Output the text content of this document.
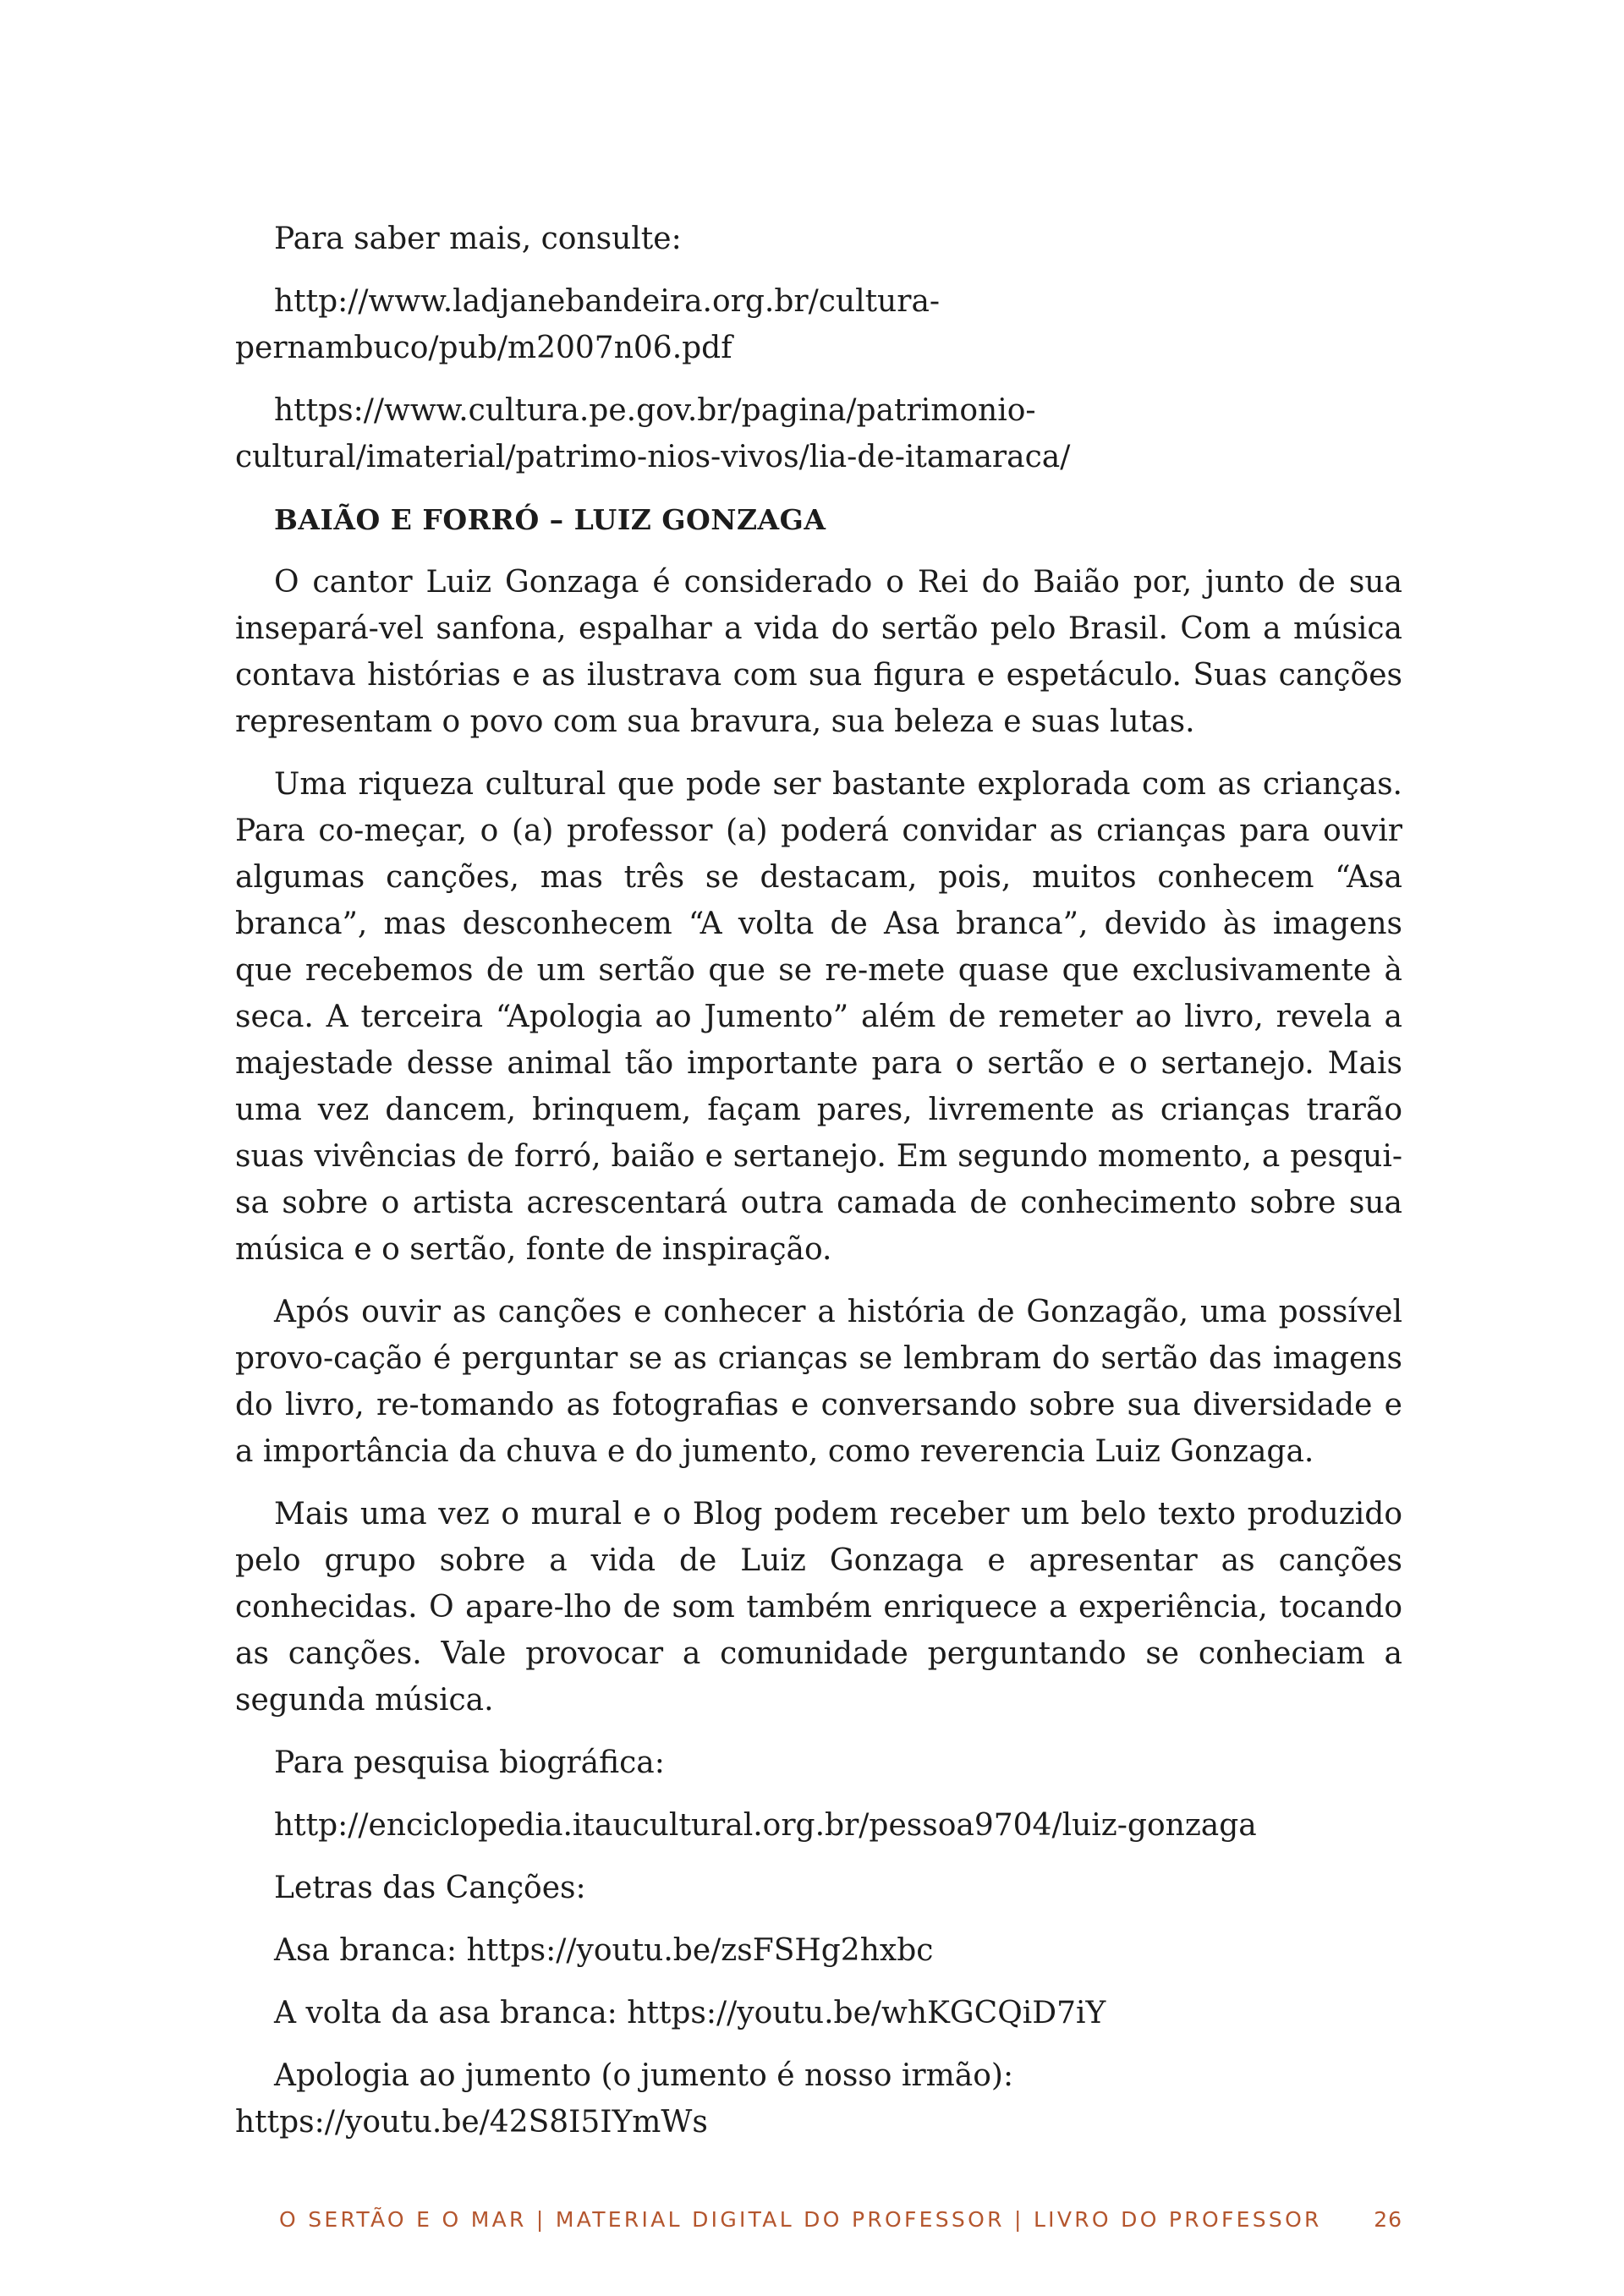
Para saber mais, consulte:

http://www.ladjanebandeira.org.br/cultura-pernambuco/pub/m2007n06.pdf

https://www.cultura.pe.gov.br/pagina/patrimonio-cultural/imaterial/patrimo-nios-vivos/lia-de-itamaraca/

BAIÃO E FORRÓ – LUIZ GONZAGA

O cantor Luiz Gonzaga é considerado o Rei do Baião por, junto de sua insepará-vel sanfona, espalhar a vida do sertão pelo Brasil. Com a música contava histórias e as ilustrava com sua figura e espetáculo. Suas canções representam o povo com sua bravura, sua beleza e suas lutas.

Uma riqueza cultural que pode ser bastante explorada com as crianças. Para co-meçar, o (a) professor (a) poderá convidar as crianças para ouvir algumas canções, mas três se destacam, pois, muitos conhecem “Asa branca”, mas desconhecem “A volta de Asa branca”, devido às imagens que recebemos de um sertão que se re-mete quase que exclusivamente à seca. A terceira “Apologia ao Jumento” além de remeter ao livro, revela a majestade desse animal tão importante para o sertão e o sertanejo. Mais uma vez dancem, brinquem, façam pares, livremente as crianças trarão suas vivências de forró, baião e sertanejo. Em segundo momento, a pesqui-sa sobre o artista acrescentará outra camada de conhecimento sobre sua música e o sertão, fonte de inspiração.

Após ouvir as canções e conhecer a história de Gonzagão, uma possível provo-cação é perguntar se as crianças se lembram do sertão das imagens do livro, re-tomando as fotografias e conversando sobre sua diversidade e a importância da chuva e do jumento, como reverencia Luiz Gonzaga.

Mais uma vez o mural e o Blog podem receber um belo texto produzido pelo grupo sobre a vida de Luiz Gonzaga e apresentar as canções conhecidas. O apare-lho de som também enriquece a experiência, tocando as canções. Vale provocar a comunidade perguntando se conheciam a segunda música.

Para pesquisa biográfica:

http://enciclopedia.itaucultural.org.br/pessoa9704/luiz-gonzaga

Letras das Canções:

Asa branca: https://youtu.be/zsFSHg2hxbc

A volta da asa branca: https://youtu.be/whKGCQiD7iY

Apologia ao jumento (o jumento é nosso irmão): https://youtu.be/42S8I5IYmWs

O SERTÃO E O MAR | MATERIAL DIGITAL DO PROFESSOR | LIVRO DO PROFESSOR 26
